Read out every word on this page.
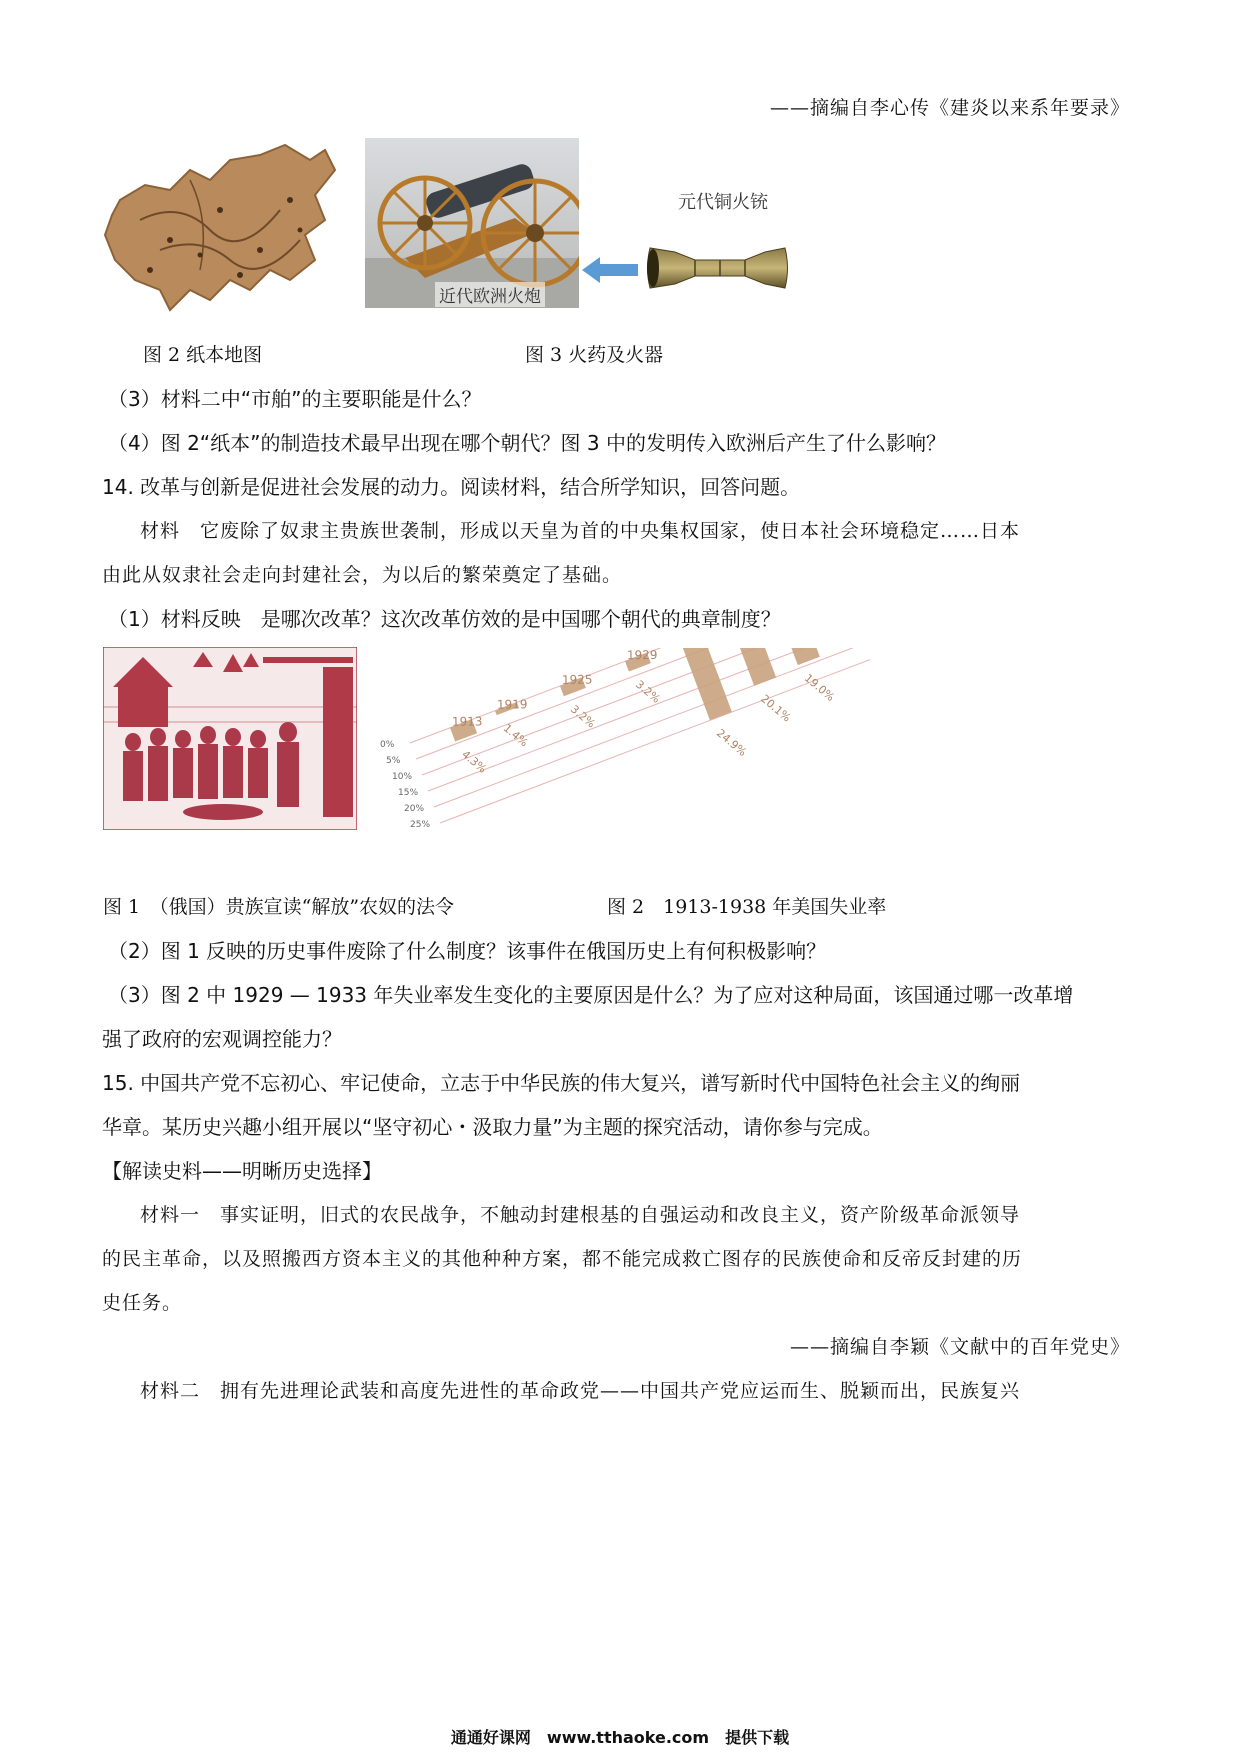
——摘编自李心传《建炎以来系年要录》
近代欧洲火炮
元代铜火铳
图 2 纸本地图	图 3 火药及火器
（3）材料二中“市舶”的主要职能是什么？
（4）图 2“纸本”的制造技术最早出现在哪个朝代？图 3 中的发明传入欧洲后产生了什么影响？
14. 改革与创新是促进社会发展的动力。阅读材料，结合所学知识，回答问题。
材料　它废除了奴隶主贵族世袭制，形成以天皇为首的中央集权国家，使日本社会环境稳定……日本
由此从奴隶社会走向封建社会，为以后的繁荣奠定了基础。
（1）材料反映　是哪次改革？这次改革仿效的是中国哪个朝代的典章制度？
0%
5%
10%
15%
20%
25%
1913
1919
1925
1929
4.3%
1.4%
3.2%
3.2%
24.9%
20.1%
19.0%
图 1　（俄国）贵族宣读“解放”农奴的法令	图 2　1913-1938 年美国失业率
（2）图 1 反映的历史事件废除了什么制度？该事件在俄国历史上有何积极影响？
（3）图 2 中 1929 — 1933 年失业率发生变化的主要原因是什么？为了应对这种局面，该国通过哪一改革增
强了政府的宏观调控能力？
15. 中国共产党不忘初心、牢记使命，立志于中华民族的伟大复兴，谱写新时代中国特色社会主义的绚丽
华章。某历史兴趣小组开展以“坚守初心・汲取力量”为主题的探究活动，请你参与完成。
【解读史料——明晰历史选择】
材料一　事实证明，旧式的农民战争，不触动封建根基的自强运动和改良主义，资产阶级革命派领导
的民主革命，以及照搬西方资本主义的其他种种方案，都不能完成救亡图存的民族使命和反帝反封建的历
史任务。
——摘编自李颖《文献中的百年党史》
材料二　拥有先进理论武装和高度先进性的革命政党——中国共产党应运而生、脱颖而出，民族复兴
通通好课网　www.tthaoke.com　提供下载
